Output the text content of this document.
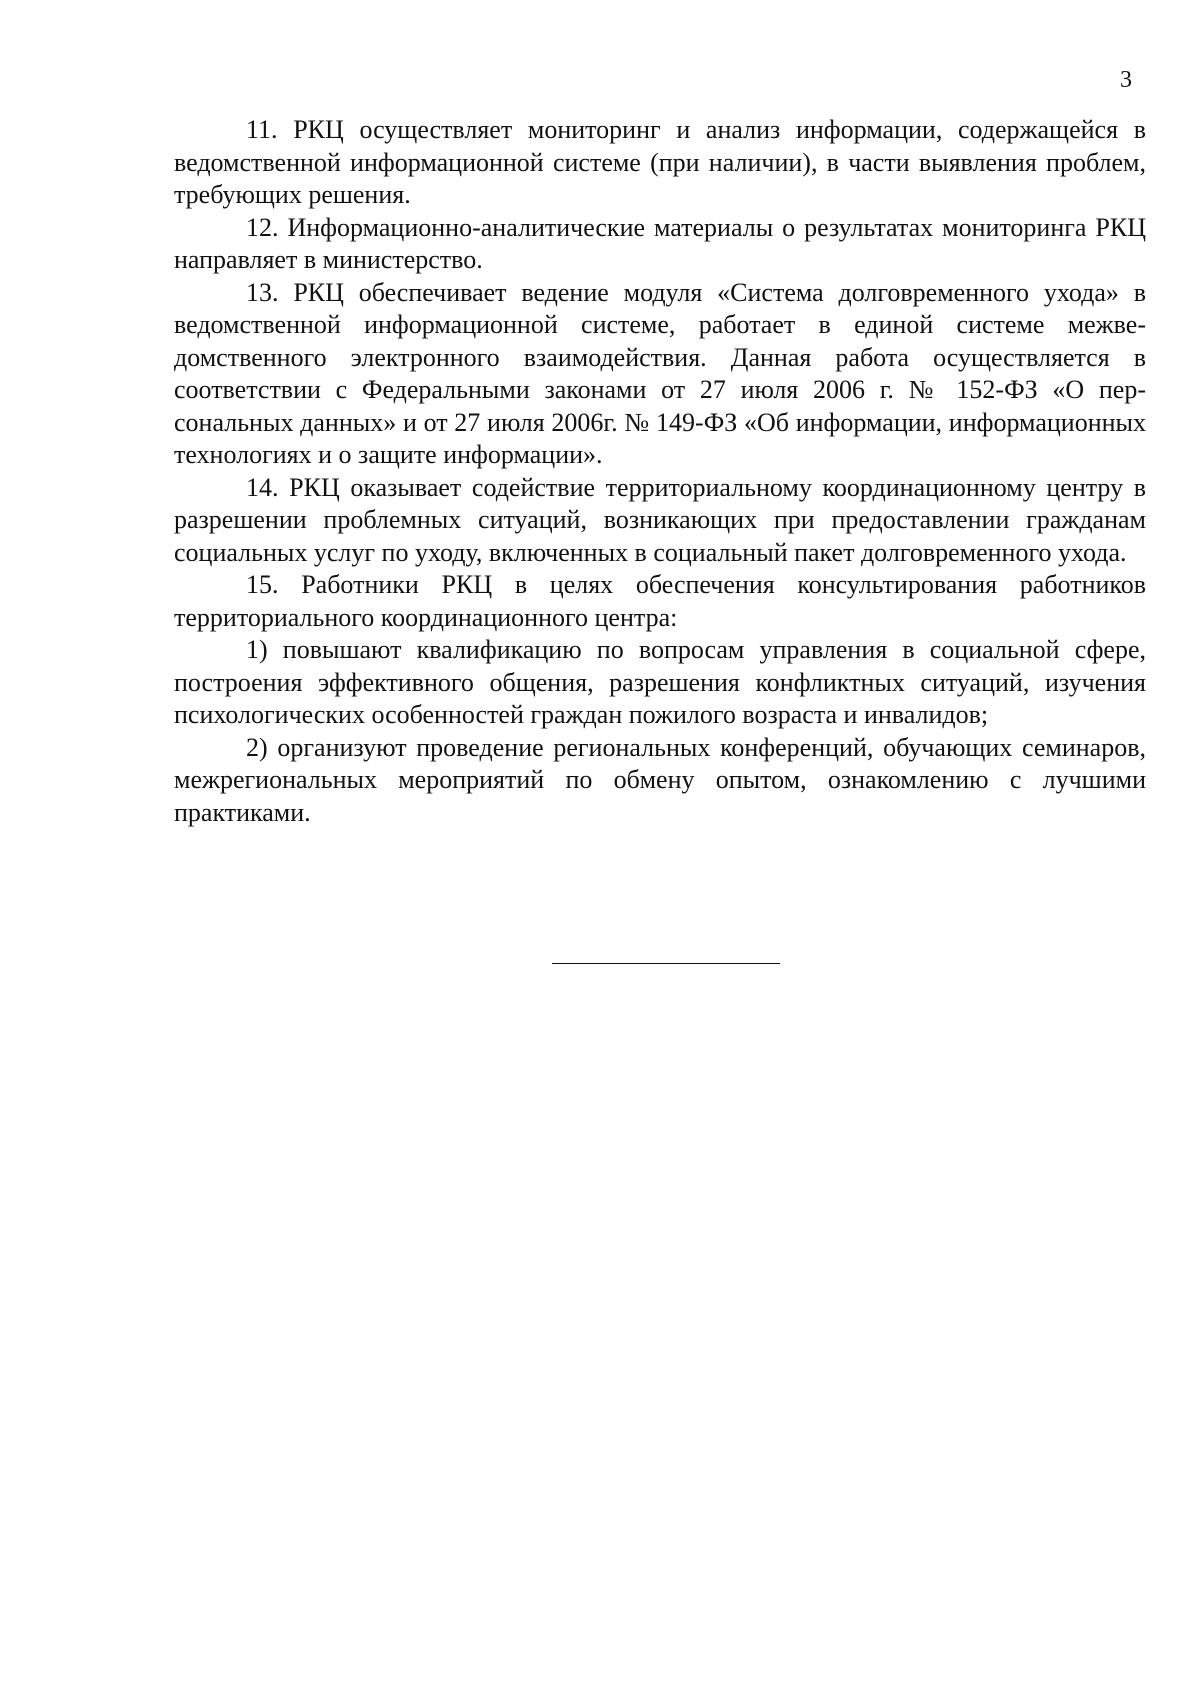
3

11. РКЦ осуществляет мониторинг и анализ информации, содержащейся в ведомственной информационной системе (при наличии), в части выявления проблем, требующих решения.

12. Информационно-аналитические материалы о результатах мониторинга РКЦ направляет в министерство.

13. РКЦ обеспечивает ведение модуля «Система долговременного ухода» в ведомственной информационной системе, работает в единой системе межведомственного электронного взаимодействия. Данная работа осуществляется в соответствии с Федеральными законами от 27 июля 2006 г. № 152-ФЗ «О персональных данных» и от 27 июля 2006г. № 149-ФЗ «Об информации, информационных технологиях и о защите информации».

14. РКЦ оказывает содействие территориальному координационному центру в разрешении проблемных ситуаций, возникающих при предоставлении гражданам социальных услуг по уходу, включенных в социальный пакет долговременного ухода.

15. Работники РКЦ в целях обеспечения консультирования работников территориального координационного центра:

1) повышают квалификацию по вопросам управления в социальной сфере, построения эффективного общения, разрешения конфликтных ситуаций, изучения психологических особенностей граждан пожилого возраста и инвалидов;

2) организуют проведение региональных конференций, обучающих семинаров, межрегиональных мероприятий по обмену опытом, ознакомлению с лучшими практиками.
